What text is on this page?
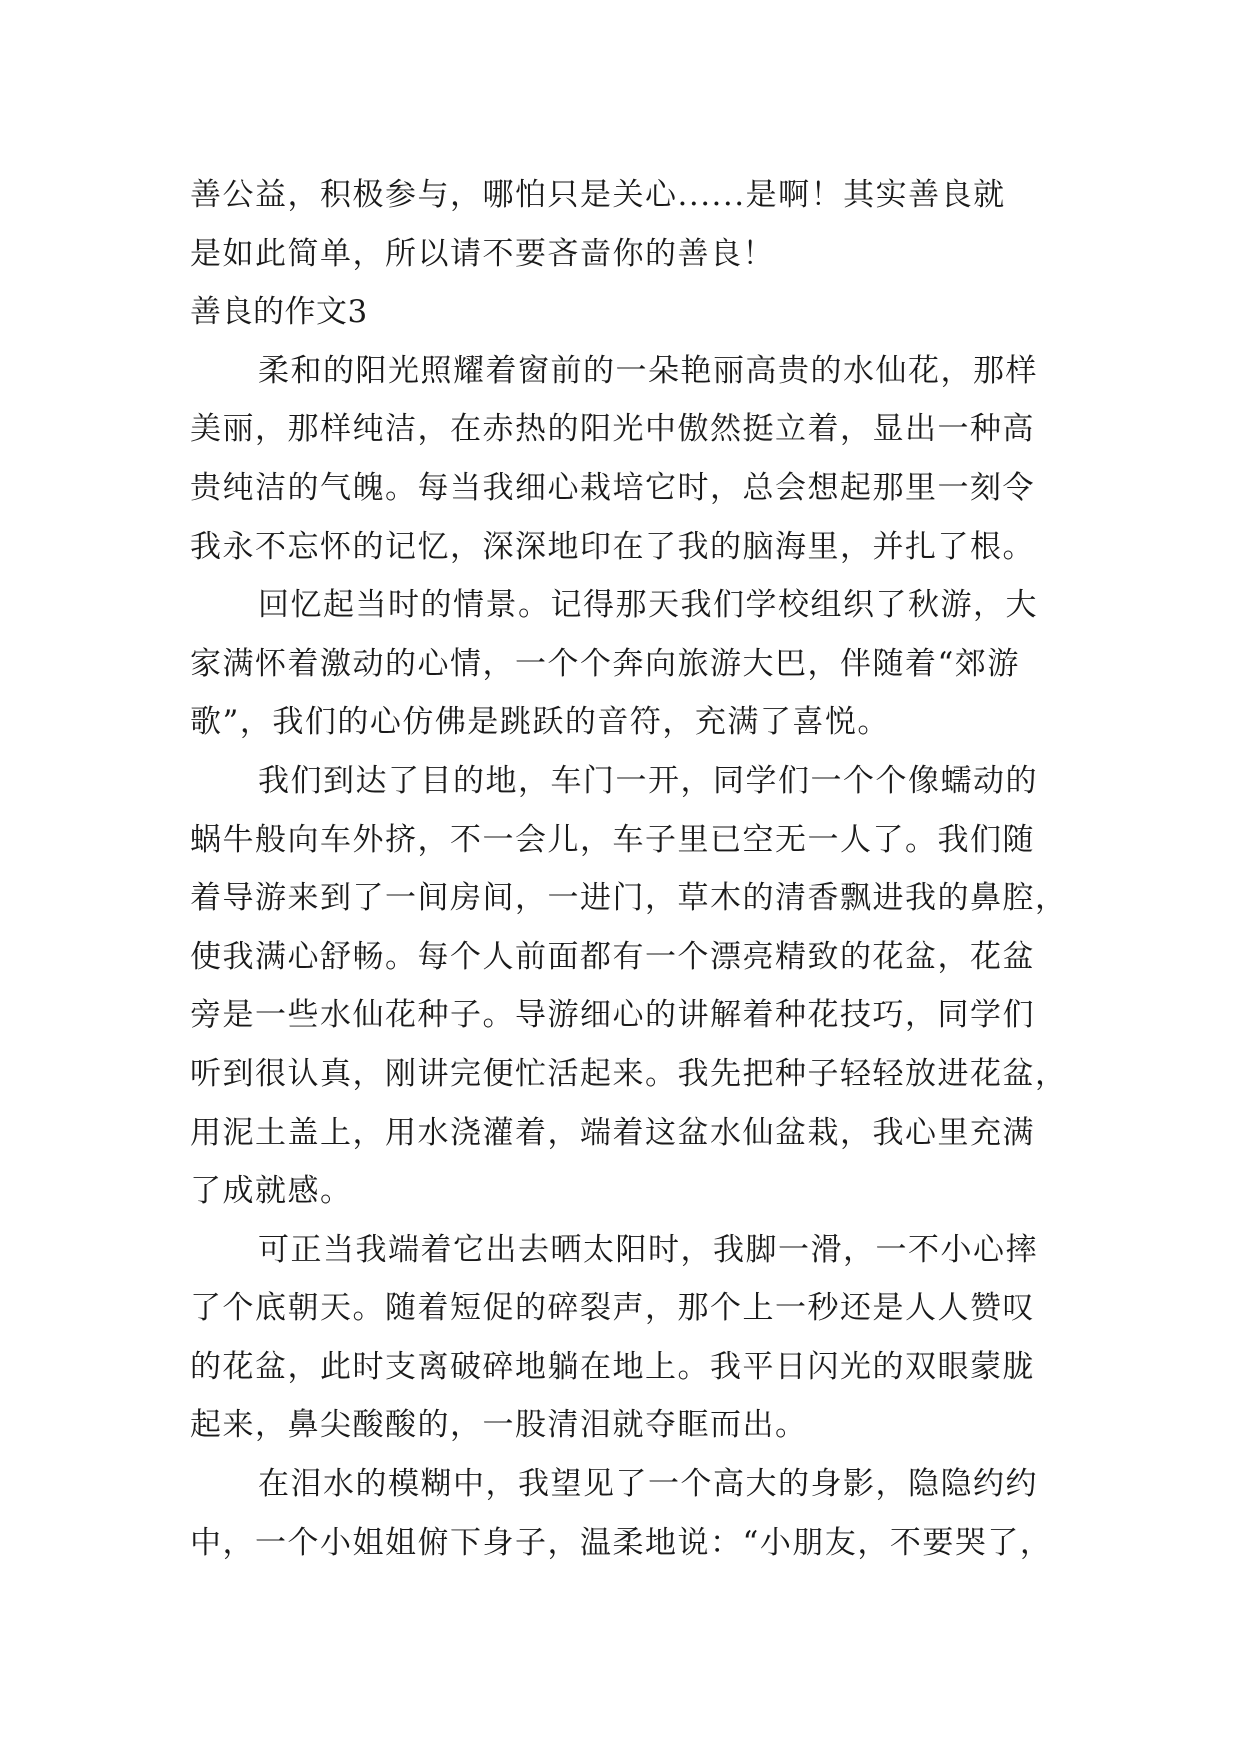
善公益，积极参与，哪怕只是关心......是啊！其实善良就
是如此简单，所以请不要吝啬你的善良！
善良的作文3
柔和的阳光照耀着窗前的一朵艳丽高贵的水仙花，那样
美丽，那样纯洁，在赤热的阳光中傲然挺立着，显出一种高
贵纯洁的气魄。每当我细心栽培它时，总会想起那里一刻令
我永不忘怀的记忆，深深地印在了我的脑海里，并扎了根。
回忆起当时的情景。记得那天我们学校组织了秋游，大
家满怀着激动的心情，一个个奔向旅游大巴，伴随着“郊游
歌”，我们的心仿佛是跳跃的音符，充满了喜悦。
我们到达了目的地，车门一开，同学们一个个像蠕动的
蜗牛般向车外挤，不一会儿，车子里已空无一人了。我们随
着导游来到了一间房间，一进门，草木的清香飘进我的鼻腔，
使我满心舒畅。每个人前面都有一个漂亮精致的花盆，花盆
旁是一些水仙花种子。导游细心的讲解着种花技巧，同学们
听到很认真，刚讲完便忙活起来。我先把种子轻轻放进花盆，
用泥土盖上，用水浇灌着，端着这盆水仙盆栽，我心里充满
了成就感。
可正当我端着它出去晒太阳时，我脚一滑，一不小心摔
了个底朝天。随着短促的碎裂声，那个上一秒还是人人赞叹
的花盆，此时支离破碎地躺在地上。我平日闪光的双眼蒙胧
起来，鼻尖酸酸的，一股清泪就夺眶而出。
在泪水的模糊中，我望见了一个高大的身影，隐隐约约
中，一个小姐姐俯下身子，温柔地说：“小朋友，不要哭了，
